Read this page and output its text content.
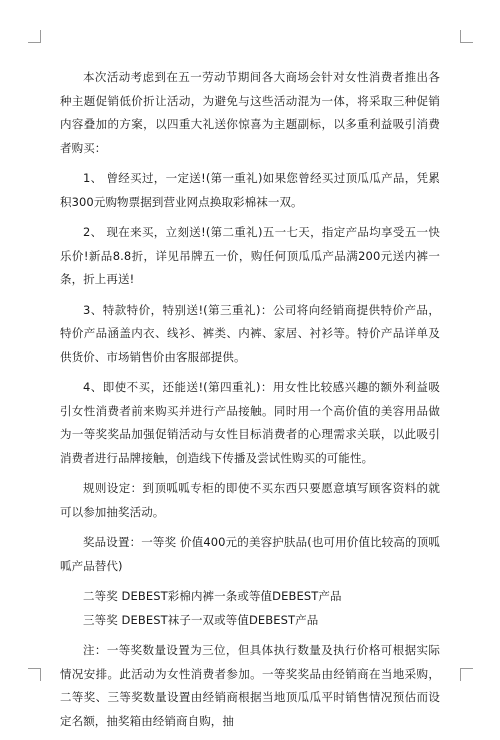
本次活动考虑到在五一劳动节期间各大商场会针对女性消费者推出各种主题促销低价折让活动，为避免与这些活动混为一体，将采取三种促销内容叠加的方案，以四重大礼送你惊喜为主题副标，以多重利益吸引消费者购买：

1、 曾经买过，一定送!(第一重礼)如果您曾经买过顶瓜瓜产品，凭累积300元购物票据到营业网点换取彩棉袜一双。

2、 现在来买，立刻送!(第二重礼)五一七天，指定产品均享受五一快乐价!新品8.8折，详见吊牌五一价，购任何顶瓜瓜产品满200元送内裤一条，折上再送!

3、特款特价，特别送!(第三重礼)：公司将向经销商提供特价产品，特价产品涵盖内衣、线衫、裤类、内裤、家居、衬衫等。特价产品详单及供货价、市场销售价由客服部提供。

4、即使不买，还能送!(第四重礼)：用女性比较感兴趣的额外利益吸引女性消费者前来购买并进行产品接触。同时用一个高价值的美容用品做为一等奖奖品加强促销活动与女性目标消费者的心理需求关联，以此吸引消费者进行品牌接触，创造线下传播及尝试性购买的可能性。

规则设定：到顶呱呱专柜的即使不买东西只要愿意填写顾客资料的就可以参加抽奖活动。

奖品设置：一等奖 价值400元的美容护肤品(也可用价值比较高的顶呱呱产品替代)

二等奖 DEBEST彩棉内裤一条或等值DEBEST产品

三等奖 DEBEST袜子一双或等值DEBEST产品

注：一等奖数量设置为三位，但具体执行数量及执行价格可根据实际情况安排。此活动为女性消费者参加。一等奖奖品由经销商在当地采购，二等奖、三等奖数量设置由经销商根据当地顶瓜瓜平时销售情况预估而设定名额，抽奖箱由经销商自购，抽
